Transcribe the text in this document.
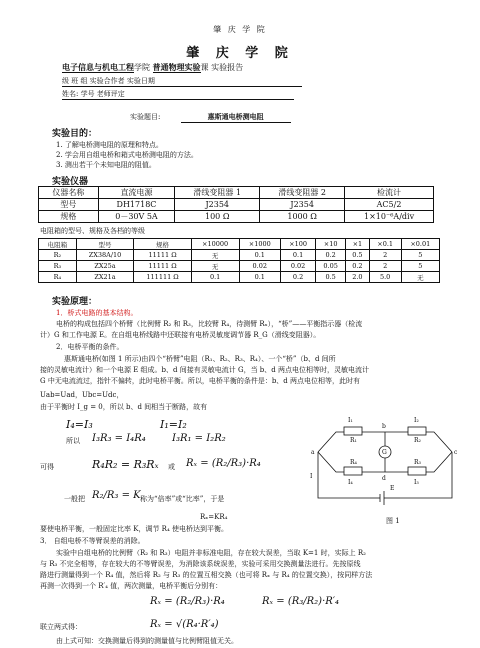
肇 庆 学 院
肇 庆 学 院
电子信息与机电工程学院 普通物理实验课 实验报告
级 班 组 实验合作者 实验日期
姓名: 学号 老师评定
实验题目:	惠斯通电桥测电阻
实验目的：
1. 了解电桥测电阻的原理和特点。
2. 学会用自组电桥和箱式电桥测电阻的方法。
3. 测出若干个未知电阻的阻值。
实验仪器
仪器名称	直流电源	滑线变阻器 1	滑线变阻器 2	检流计
型号	DH1718C	J2354	J2354	AC5/2
规格	0－30V 5A	100 Ω	1000 Ω	1×10⁻⁶A/div
电阻箱的型号、规格及各档的等级
电阻箱	型号	规格	×10000	×1000	×100	×10	×1	×0.1	×0.01
R₂	ZX38A/10	11111 Ω	无	0.1	0.1	0.2	0.5	2	5
R₃	ZX25a	11111 Ω	无	0.02	0.02	0.05	0.2	2	5
R₄	ZX21a	111111 Ω	0.1	0.1	0.2	0.5	2.0	5.0	无
实验原理：
1．桥式电路的基本结构。
电桥的构成包括四个桥臂（比例臂 R₂ 和 R₃，比较臂 R₄，待测臂 Rₓ），“桥”——平衡指示器（检流
计）G 和工作电源 E。在自组电桥线路中还联接有电桥灵敏度调节器 R_G（滑线变阻器）。
2．电桥平衡的条件。
惠斯通电桥(如图 1 所示)由四个“桥臂”电阻（R₁、R₂、R₃、R₄）、一个“桥”（b、d 间所
接的灵敏电流计）和一个电源 E 组成。b、d 间接有灵敏电流计 G，当 b、d 两点电位相等时，灵敏电流计
G 中无电流流过，指针不偏转，此时电桥平衡。所以，电桥平衡的条件是：b、d 两点电位相等，此时有
Uab=Uad，Ubc=Udc，
由于平衡时 I_g = 0，所以 b、d 间相当于断路，故有
I₄=I₃	I₁=I₂
所以 I₃R₃ = I₄R₄	I₃R₁ = I₂R₂
可得	R₄R₂ = R₃Rₓ 或 Rₓ = (R₂/R₃)·R₄
一般把 R₂/R₃ = K 称为“倍率”或“比率”，于是
Rₓ=KR₄
要使电桥平衡，一般固定比率 K，调节 R₄ 使电桥达到平衡。
3． 自组电桥不等臂误差的消除。
实验中自组电桥的比例臂（R₂ 和 R₃）电阻并非标准电阻，存在较大误差，当取 K=1 时，实际上 R₂
与 R₃ 不完全相等，存在较大的不等臂误差，为消除该系统误差，实验可采用交换测量法进行。先按原线
路进行测量得到一个 R₄ 值，然后将 R₂ 与 R₃ 的位置互相交换（也可将 Rₓ 与 R₄ 的位置交换），按同样方法
再测一次得到一个 R′₄ 值，两次测量，电桥平衡后分别有：
Rₓ = (R₂/R₃)·R₄	Rₓ = (R₃/R₂)·R′₄
联立两式得：	Rₓ = √(R₄·R′₄)
由上式可知：交换测量后得到的测量值与比例臂阻值无关。
I₁
R₁
b
I₂
R₂
a	c
G
d
I
R₄
I₄
R₃
I₃
E
图 1
